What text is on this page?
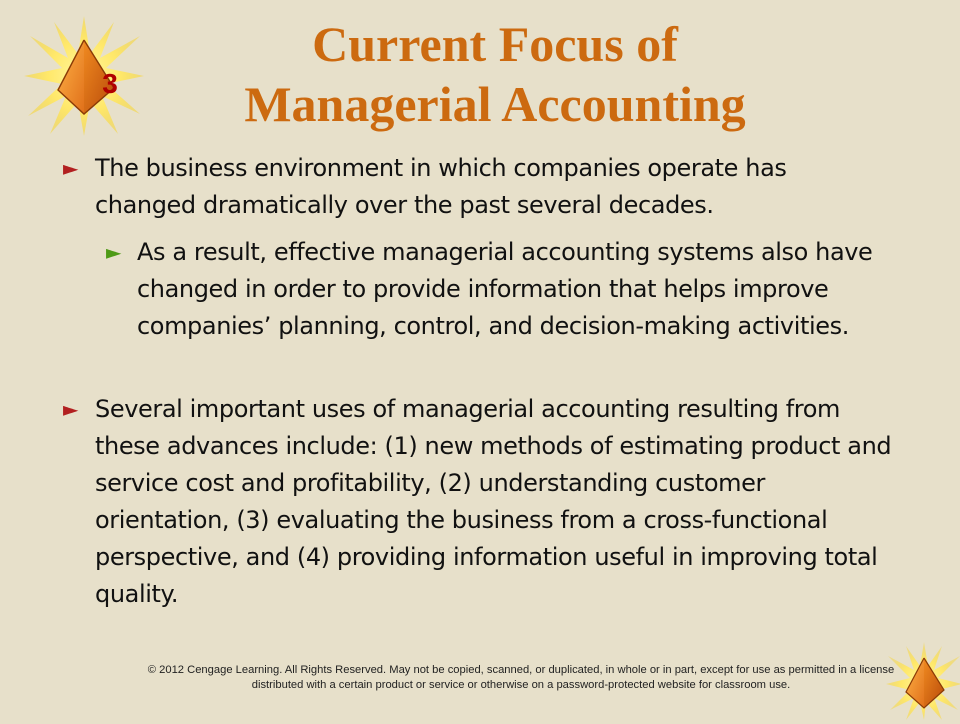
3
Current Focus of
Managerial Accounting
► The business environment in which companies operate has changed dramatically over the past several decades.
► As a result, effective managerial accounting systems also have changed in order to provide information that helps improve companies’ planning, control, and decision-making activities.
► Several important uses of managerial accounting resulting from these advances include: (1) new methods of estimating product and service cost and profitability, (2) understanding customer orientation, (3) evaluating the business from a cross-functional perspective, and (4) providing information useful in improving total quality.
© 2012 Cengage Learning. All Rights Reserved. May not be copied, scanned, or duplicated, in whole or in part, except for use as permitted in a license distributed with a certain product or service or otherwise on a password-protected website for classroom use.
